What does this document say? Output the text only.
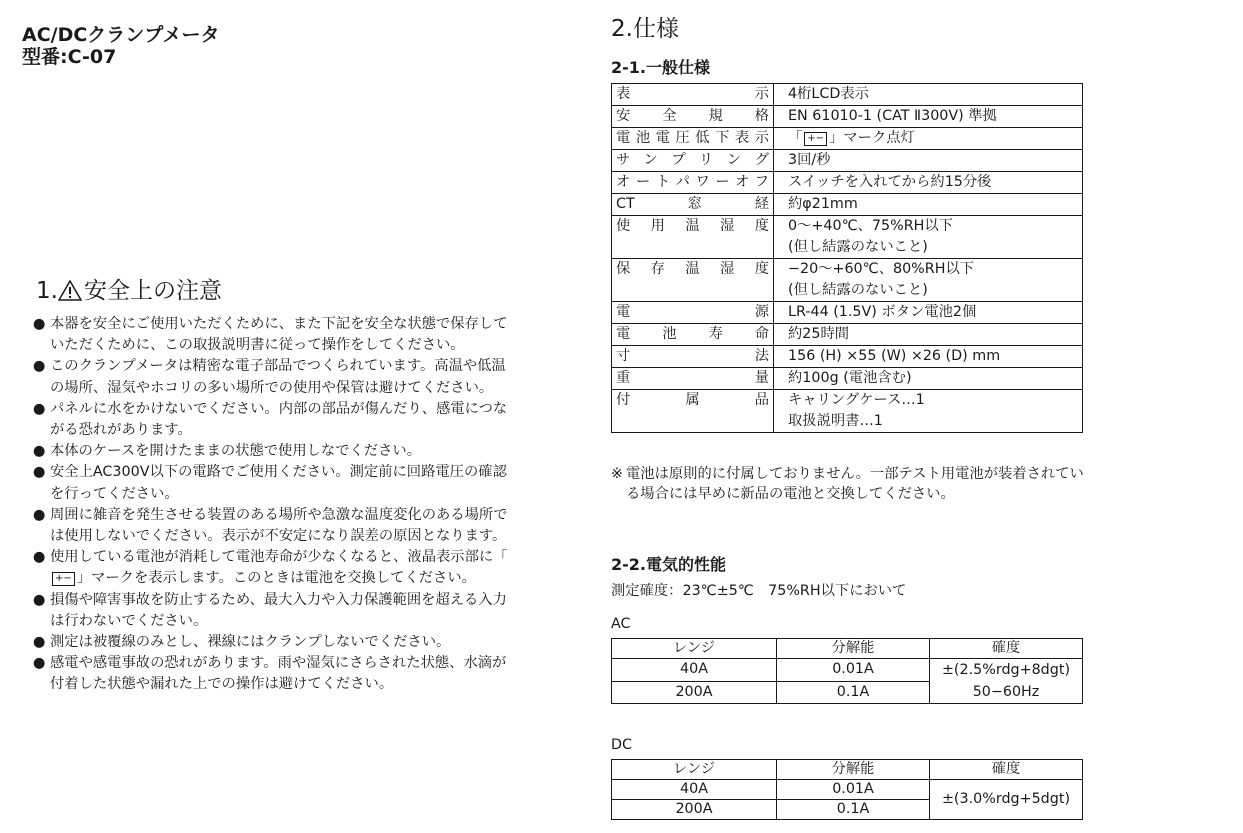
AC/DCクランプメータ
型番:C-07
1. 安全上の注意
● 本器を安全にご使用いただくために、また下記を安全な状態で保存していただくために、この取扱説明書に従って操作をしてください。
● このクランプメータは精密な電子部品でつくられています。高温や低温の場所、湿気やホコリの多い場所での使用や保管は避けてください。
● パネルに水をかけないでください。内部の部品が傷んだり、感電につながる恐れがあります。
● 本体のケースを開けたままの状態で使用しなでください。
● 安全上AC300V以下の電路でご使用ください。測定前に回路電圧の確認を行ってください。
● 周囲に雑音を発生させる装置のある場所や急激な温度変化のある場所では使用しないでください。表示が不安定になり誤差の原因となります。
● 使用している電池が消耗して電池寿命が少なくなると、液晶表示部に「+− 」マークを表示します。このときは電池を交換してください。
● 損傷や障害事故を防止するため、最大入力や入力保護範囲を超える入力は行わないでください。
● 測定は被覆線のみとし、裸線にはクランプしないでください。
● 感電や感電事故の恐れがあります。雨や湿気にさらされた状態、水滴が付着した状態や漏れた上での操作は避けてください。
2.仕様
2-1.一般仕様
表示	4桁LCD表示

安全規格	EN 61010-1 (CAT Ⅱ300V) 準拠

電池電圧低下表示	「 +− 」マーク点灯

サンプリング	3回/秒

オートパワーオフ	スイッチを入れてから約15分後

CT窓経	約φ21mm

使用温湿度	0〜+40℃、75%RH以下
(但し結露のないこと)

保存温湿度	−20〜+60℃、80%RH以下
(但し結露のないこと)

電源	LR-44 (1.5V) ボタン電池2個

電池寿命	約25時間

寸法	156 (H) ×55 (W) ×26 (D) mm

重量	約100g (電池含む)

付属品	キャリングケース…1
取扱説明書…1
※ 電池は原則的に付属しておりません。一部テスト用電池が装着されている場合には早めに新品の電池と交換してください。
2-2.電気的性能
測定確度：23℃±5℃　75%RH以下において
AC
レンジ	分解能	確度
40A	0.01A	±(2.5%rdg+8dgt)
50−60Hz

200A	0.1A	
DC
レンジ	分解能	確度
40A	0.01A	±(3.0%rdg+5dgt)
200A	0.1A	
